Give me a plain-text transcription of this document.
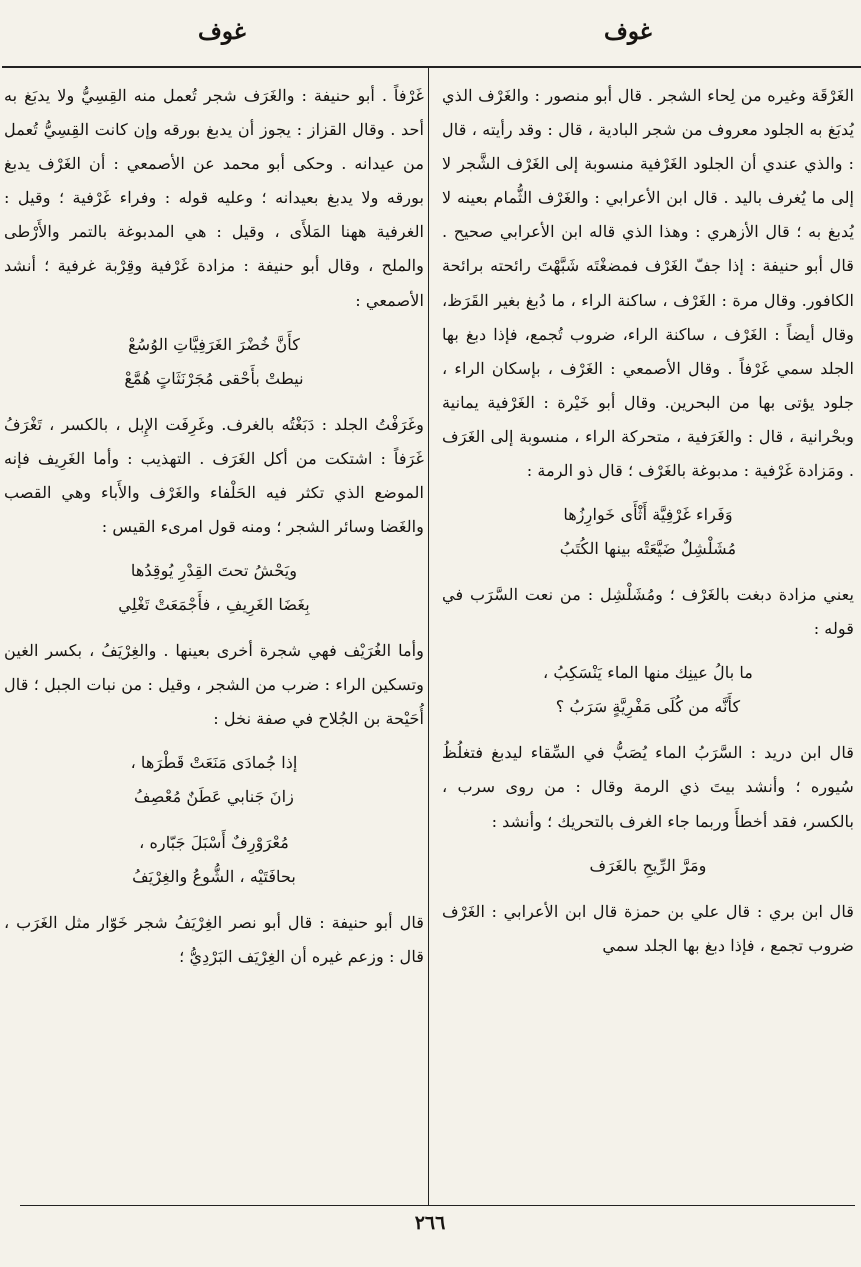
غوف	غوف

الغَرْقَة وغيره من لِحاء الشجر . قال أبو منصور : والغَرْف الذي يُدبَغ به الجلود معروف من شجر البادية ، قال : وقد رأيته ، قال : والذي عندي أن الجلود الغَرْفية منسوبة إلى الغَرْف الشَّجر لا إلى ما يُغرف باليد . قال ابن الأعرابي : والغَرْف الثُّمام بعينه لا يُدبغ به ؛ قال الأزهري : وهذا الذي قاله ابن الأعرابي صحيح . قال أبو حنيفة : إذا جفّ الغَرْف فمضغْتَه شَبَّهْتَ رائحته برائحة الكافور. وقال مرة : الغَرْف ، ساكنة الراء ، ما دُبغ بغير القَرَظ، وقال أيضاً : الغَرْف ، ساكنة الراء، ضروب تُجمع، فإذا دبغ بها الجلد سمي غَرْفاً . وقال الأصمعي : الغَرْف ، بإسكان الراء ، جلود يؤتى بها من البحرين. وقال أبو خَيْرة : الغَرْفية يمانية وبحْرانية ، قال : والغَرَفية ، متحركة الراء ، منسوبة إلى الغَرَف . ومَزادة غَرْفية : مدبوغة بالغَرْف ؛ قال ذو الرمة :

وَفَراء غَرْفِيَّة أَثْأَى خَوارِزُها
مُشَلْشِلٌ ضَيَّعَتْه بينها الكُتَبُ

يعني مزادة دبغت بالغَرْف ؛ ومُشَلْشِل : من نعت السَّرَب في قوله :

ما بالُ عينِك منها الماء يَنْسَكِبُ ،
كأَنَّه من كُلَى مَفْرِيَّةٍ سَرَبُ ؟

قال ابن دريد : السَّرَبُ الماء يُصَبُّ في السِّقاء ليدبغ فتغلُظُ سُيوره ؛ وأنشد بيتَ ذي الرمة وقال : من روى سرب ، بالكسر، فقد أخطأَ وربما جاء الغرف بالتحريك ؛ وأنشد :

ومَرَّ الرِّيحِ بالغَرَف

قال ابن بري : قال علي بن حمزة قال ابن الأعرابي : الغَرْف ضروب تجمع ، فإذا دبغ بها الجلد سمي

غَرْفاً . أبو حنيفة : والغَرَف شجر تُعمل منه القِسِيُّ ولا يدبَغ به أحد . وقال القزاز : يجوز أن يدبغ بورقه وإن كانت القِسِيُّ تُعمل من عيدانه . وحكى أبو محمد عن الأصمعي : أن الغَرْف يدبغ بورقه ولا يدبغ بعيدانه ؛ وعليه قوله : وفراء غَرْفية ؛ وقيل : الغرفية ههنا المَلأَى ، وقيل : هي المدبوغة بالتمر والأَرْطى والملح ، وقال أبو حنيفة : مزادة غَرْفية وقِرْبة غرفية ؛ أنشد الأصمعي :

كأَنَّ خُضْرَ الغَرَفِيَّاتِ الوُسُعْ
نيطتْ بأَحْقى مُجَرْنَثَاتٍ هُمَّعْ

وغَرَفْتُ الجلد : دَبَغْتُه بالغرف. وغَرِفَت الإِبل ، بالكسر ، تَغْرَفُ غَرَفاً : اشتكت من أكل الغَرَف . التهذيب : وأما الغَرِيف فإنه الموضع الذي تكثر فيه الحَلْفاء والغَرْف والأَباء وهي القصب والغَضا وسائر الشجر ؛ ومنه قول امرىء القيس :

ويَحْشُ تحتَ القِدْرِ يُوقِدُها
بِغَضَا الغَرِيفِ ، فأَجْمَعَتْ تَغْلِي

وأما الغُرَيْف فهي شجرة أخرى بعينها . والغِرْيَفُ ، بكسر الغين وتسكين الراء : ضرب من الشجر ، وقيل : من نبات الجبل ؛ قال أُحَيْحة بن الجُلاح في صفة نخل :

إذا جُمادَى مَنَعَتْ قَطْرَها ،
زانَ جَنابي عَطَنٌ مُعْصِفُ
مُعْرَوْرِفٌ أَسْبَلَ جَبّاره ،
بحافَتَيْه ، الشُّوعُ والغِرْيَفُ

قال أبو حنيفة : قال أبو نصر الغِرْيَفُ شجر خَوّار مثل الغَرَب ، قال : وزعم غيره أن الغِرْيَف البَرْدِيُّ ؛

٢٦٦
